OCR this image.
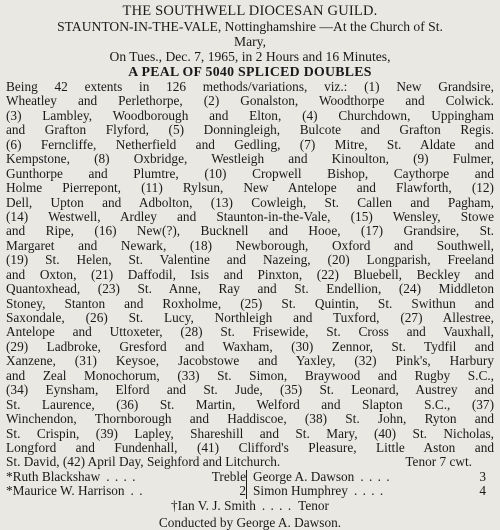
THE SOUTHWELL DIOCESAN GUILD.
STAUNTON-IN-THE-VALE, Nottinghamshire —At the Church of St.
Mary,
On Tues., Dec. 7, 1965, in 2 Hours and 16 Minutes,
A PEAL OF 5040 SPLICED DOUBLES
Being 42 extents in 126 methods/variations, viz.: (1) New Grandsire,
Wheatley and Perlethorpe, (2) Gonalston, Woodthorpe and Colwick.
(3) Lambley, Woodborough and Elton, (4) Churchdown, Uppingham
and Grafton Flyford, (5) Donningleigh, Bulcote and Grafton Regis.
(6) Ferncliffe, Netherfield and Gedling, (7) Mitre, St. Aldate and
Kempstone, (8) Oxbridge, Westleigh and Kinoulton, (9) Fulmer,
Gunthorpe and Plumtre, (10) Cropwell Bishop, Caythorpe and
Holme Pierrepont, (11) Rylsun, New Antelope and Flawforth, (12)
Dell, Upton and Adbolton, (13) Cowleigh, St. Callen and Pagham,
(14) Westwell, Ardley and Staunton-in-the-Vale, (15) Wensley, Stowe
and Ripe, (16) New(?), Bucknell and Hooe, (17) Grandsire, St.
Margaret and Newark, (18) Newborough, Oxford and Southwell,
(19) St. Helen, St. Valentine and Nazeing, (20) Longparish, Freeland
and Oxton, (21) Daffodil, Isis and Pinxton, (22) Bluebell, Beckley and
Quantoxhead, (23) St. Anne, Ray and St. Endellion, (24) Middleton
Stoney, Stanton and Roxholme, (25) St. Quintin, St. Swithun and
Saxondale, (26) St. Lucy, Northleigh and Tuxford, (27) Allestree,
Antelope and Uttoxeter, (28) St. Frisewide, St. Cross and Vauxhall,
(29) Ladbroke, Gresford and Waxham, (30) Zennor, St. Tydfil and
Xanzene, (31) Keysoe, Jacobstowe and Yaxley, (32) Pink's, Harbury
and Zeal Monochorum, (33) St. Simon, Braywood and Rugby S.C.,
(34) Eynsham, Elford and St. Jude, (35) St. Leonard, Austrey and
St. Laurence, (36) St. Martin, Welford and Slapton S.C., (37)
Winchendon, Thornborough and Haddiscoe, (38) St. John, Ryton and
St. Crispin, (39) Lapley, Shareshill and St. Mary, (40) St. Nicholas,
Longford and Fundenhall, (41) Clifford's Pleasure, Little Aston and
St. David, (42) April Day, Seighford and Litchurch.	Tenor 7 cwt.
*Ruth Blackshaw . . . .	Treble George A. Dawson . . . .	3
*Maurice W. Harrison . .	2 Simon Humphrey . . . .	4
†Ian V. J. Smith . . . . Tenor
Conducted by George A. Dawson.
